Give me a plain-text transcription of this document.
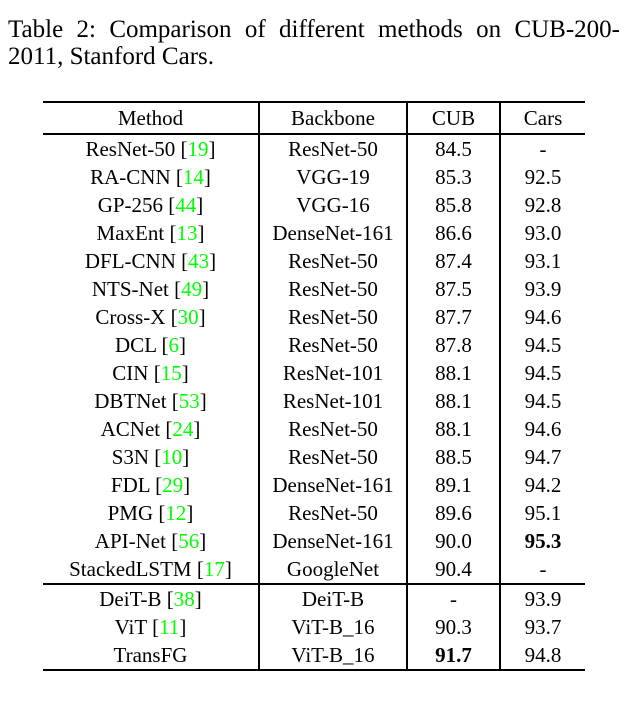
Table 2: Comparison of different methods on CUB-200-
2011, Stanford Cars.
Method	Backbone	CUB	Cars
ResNet-50 [19]	ResNet-50	84.5	-
RA-CNN [14]	VGG-19	85.3	92.5
GP-256 [44]	VGG-16	85.8	92.8
MaxEnt [13]	DenseNet-161	86.6	93.0
DFL-CNN [43]	ResNet-50	87.4	93.1
NTS-Net [49]	ResNet-50	87.5	93.9
Cross-X [30]	ResNet-50	87.7	94.6
DCL [6]	ResNet-50	87.8	94.5
CIN [15]	ResNet-101	88.1	94.5
DBTNet [53]	ResNet-101	88.1	94.5
ACNet [24]	ResNet-50	88.1	94.6
S3N [10]	ResNet-50	88.5	94.7
FDL [29]	DenseNet-161	89.1	94.2
PMG [12]	ResNet-50	89.6	95.1
API-Net [56]	DenseNet-161	90.0	95.3
StackedLSTM [17]	GoogleNet	90.4	-
DeiT-B [38]	DeiT-B	-	93.9
ViT [11]	ViT-B_16	90.3	93.7
TransFG	ViT-B_16	91.7	94.8
